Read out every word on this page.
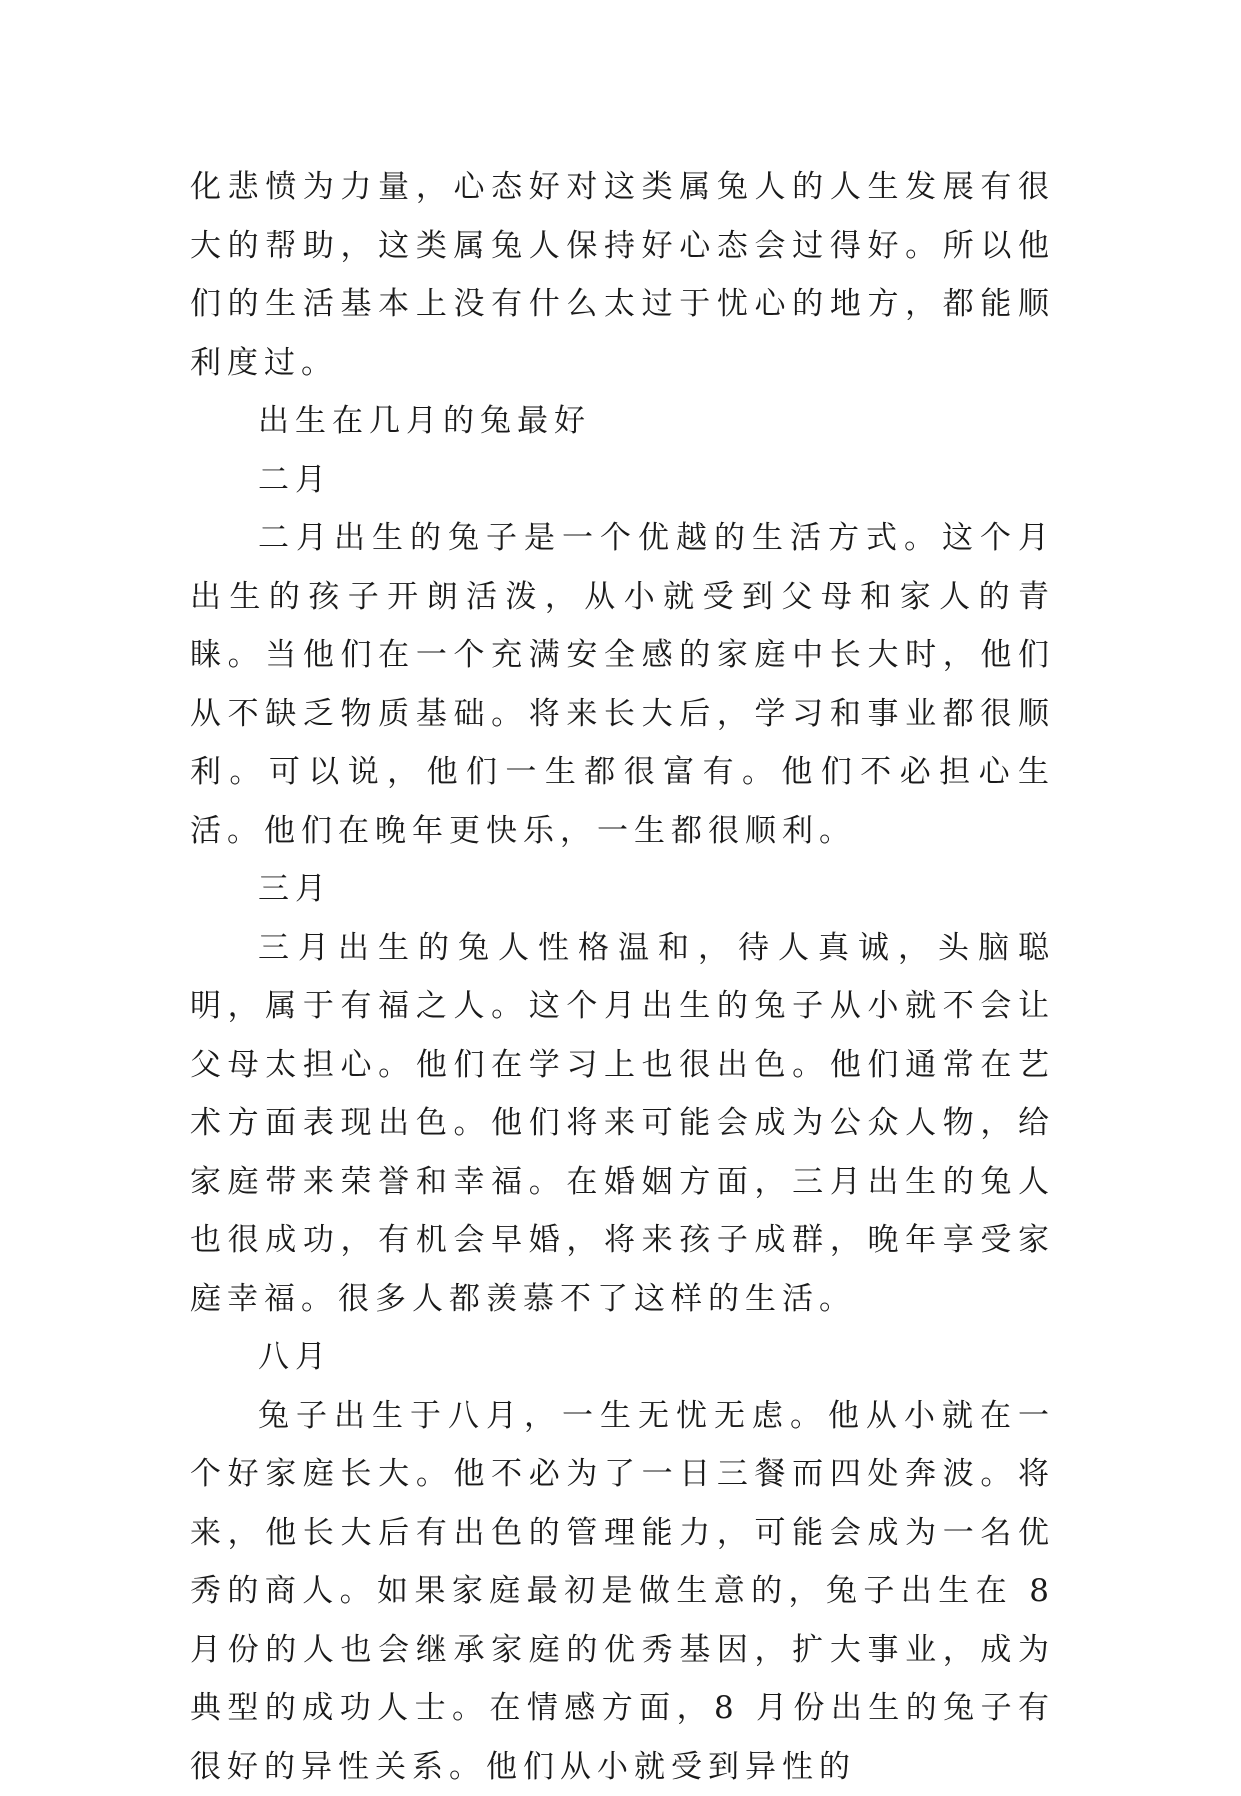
化悲愤为力量，心态好对这类属兔人的人生发展有很大的帮助，这类属兔人保持好心态会过得好。所以他们的生活基本上没有什么太过于忧心的地方，都能顺利度过。

出生在几月的兔最好

二月

二月出生的兔子是一个优越的生活方式。这个月出生的孩子开朗活泼，从小就受到父母和家人的青睐。当他们在一个充满安全感的家庭中长大时，他们从不缺乏物质基础。将来长大后，学习和事业都很顺利。可以说，他们一生都很富有。他们不必担心生活。他们在晚年更快乐，一生都很顺利。

三月

三月出生的兔人性格温和，待人真诚，头脑聪明，属于有福之人。这个月出生的兔子从小就不会让父母太担心。他们在学习上也很出色。他们通常在艺术方面表现出色。他们将来可能会成为公众人物，给家庭带来荣誉和幸福。在婚姻方面，三月出生的兔人也很成功，有机会早婚，将来孩子成群，晚年享受家庭幸福。很多人都羡慕不了这样的生活。

八月

兔子出生于八月，一生无忧无虑。他从小就在一个好家庭长大。他不必为了一日三餐而四处奔波。将来，他长大后有出色的管理能力，可能会成为一名优秀的商人。如果家庭最初是做生意的，兔子出生在 8 月份的人也会继承家庭的优秀基因，扩大事业，成为典型的成功人士。在情感方面，8 月份出生的兔子有很好的异性关系。他们从小就受到异性的
